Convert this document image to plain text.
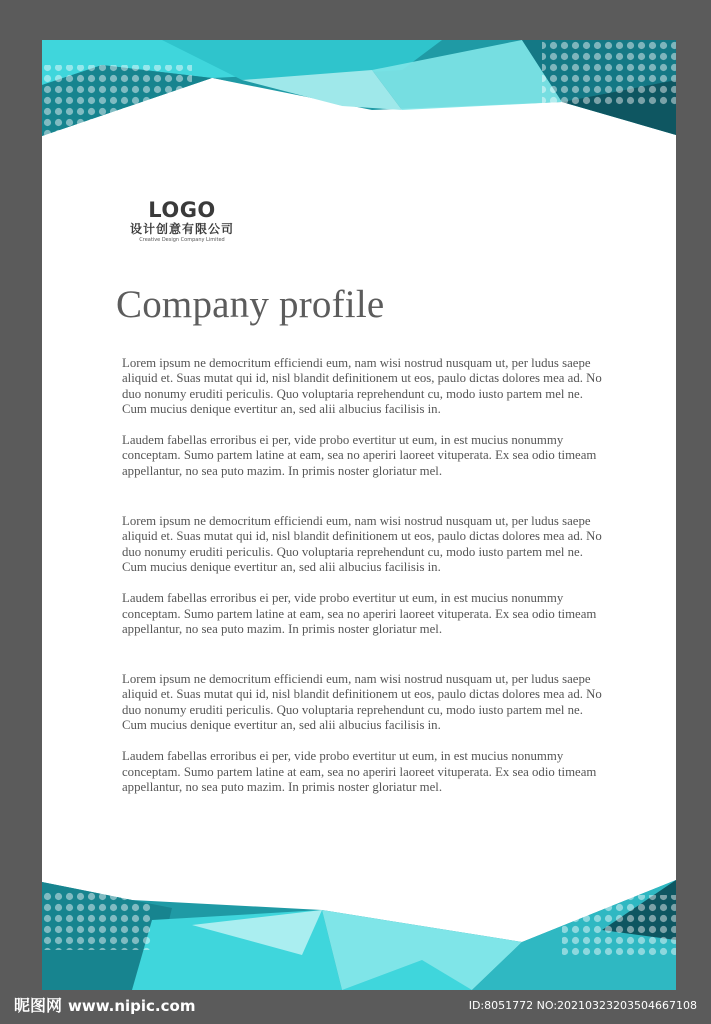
LOGO
设计创意有限公司
Creative Design Company Limited
Company profile

Lorem ipsum ne democritum efficiendi eum, nam wisi nostrud nusquam ut, per ludus saepe aliquid et. Suas mutat qui id, nisl blandit definitionem ut eos, paulo dictas dolores mea ad. No duo nonumy eruditi periculis. Quo voluptaria reprehendunt cu, modo iusto partem mel ne. Cum mucius denique evertitur an, sed alii albucius facilisis in.

Laudem fabellas erroribus ei per, vide probo evertitur ut eum, in est mucius nonummy conceptam. Sumo partem latine at eam, sea no aperiri laoreet vituperata. Ex sea odio timeam appellantur, no sea puto mazim. In primis noster gloriatur mel.

Lorem ipsum ne democritum efficiendi eum, nam wisi nostrud nusquam ut, per ludus saepe aliquid et. Suas mutat qui id, nisl blandit definitionem ut eos, paulo dictas dolores mea ad. No duo nonumy eruditi periculis. Quo voluptaria reprehendunt cu, modo iusto partem mel ne. Cum mucius denique evertitur an, sed alii albucius facilisis in.

Laudem fabellas erroribus ei per, vide probo evertitur ut eum, in est mucius nonummy conceptam. Sumo partem latine at eam, sea no aperiri laoreet vituperata. Ex sea odio timeam appellantur, no sea puto mazim. In primis noster gloriatur mel.

Lorem ipsum ne democritum efficiendi eum, nam wisi nostrud nusquam ut, per ludus saepe aliquid et. Suas mutat qui id, nisl blandit definitionem ut eos, paulo dictas dolores mea ad. No duo nonumy eruditi periculis. Quo voluptaria reprehendunt cu, modo iusto partem mel ne. Cum mucius denique evertitur an, sed alii albucius facilisis in.

Laudem fabellas erroribus ei per, vide probo evertitur ut eum, in est mucius nonummy conceptam. Sumo partem latine at eam, sea no aperiri laoreet vituperata. Ex sea odio timeam appellantur, no sea puto mazim. In primis noster gloriatur mel.

昵图网 www.nipic.com	ID:8051772 NO:20210323203504667108
